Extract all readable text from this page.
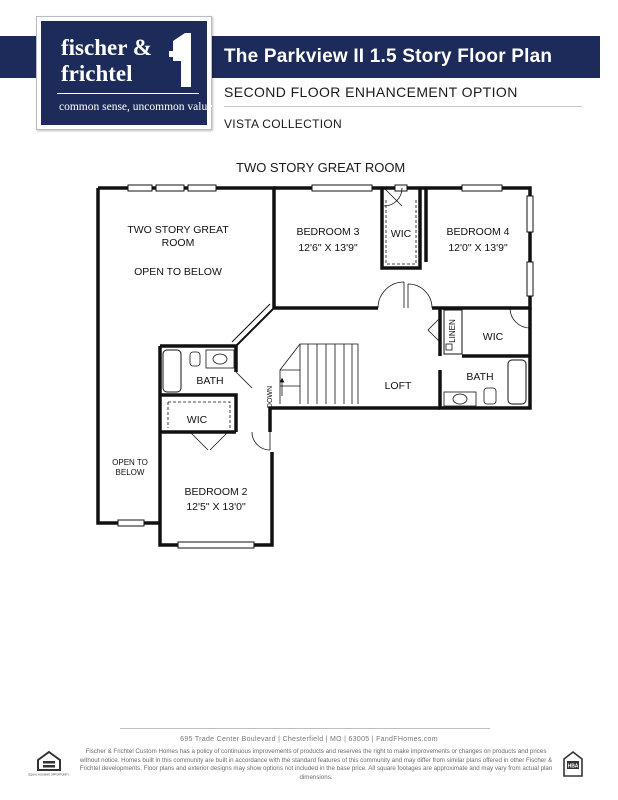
The Parkview II 1.5 Story Floor Plan
fischer &
frichtel
common sense, uncommon value
SECOND FLOOR ENHANCEMENT OPTION
VISTA COLLECTION
TWO STORY GREAT ROOM
TWO STORY GREAT
ROOM
OPEN TO BELOW
OPEN TO
BELOW
BEDROOM 3
12'6" X 13'9"
WIC	BEDROOM 4
12'0" X 13'9"
WIC
LINEN
BATH
LOFT
DOWN
BATH
WIC
BEDROOM 2
12'5" X 13'0"
695 Trade Center Boulevard | Chesterfield | MO | 63005 | FandFHomes.com
EQUAL HOUSING OPPORTUNITY
Fischer & Frichtel Custom Homes has a policy of continuous improvements of products and reserves the right to make improvements or changes on products and prices without notice. Homes built in this community are built in accordance with the standard features of this community and may differ from similar plans offered in other Fischer & Frichtel developments. Floor plans and exterior designs may show options not included in the base price. All square footages are approximate and may vary from actual plan dimensions.
HBA
